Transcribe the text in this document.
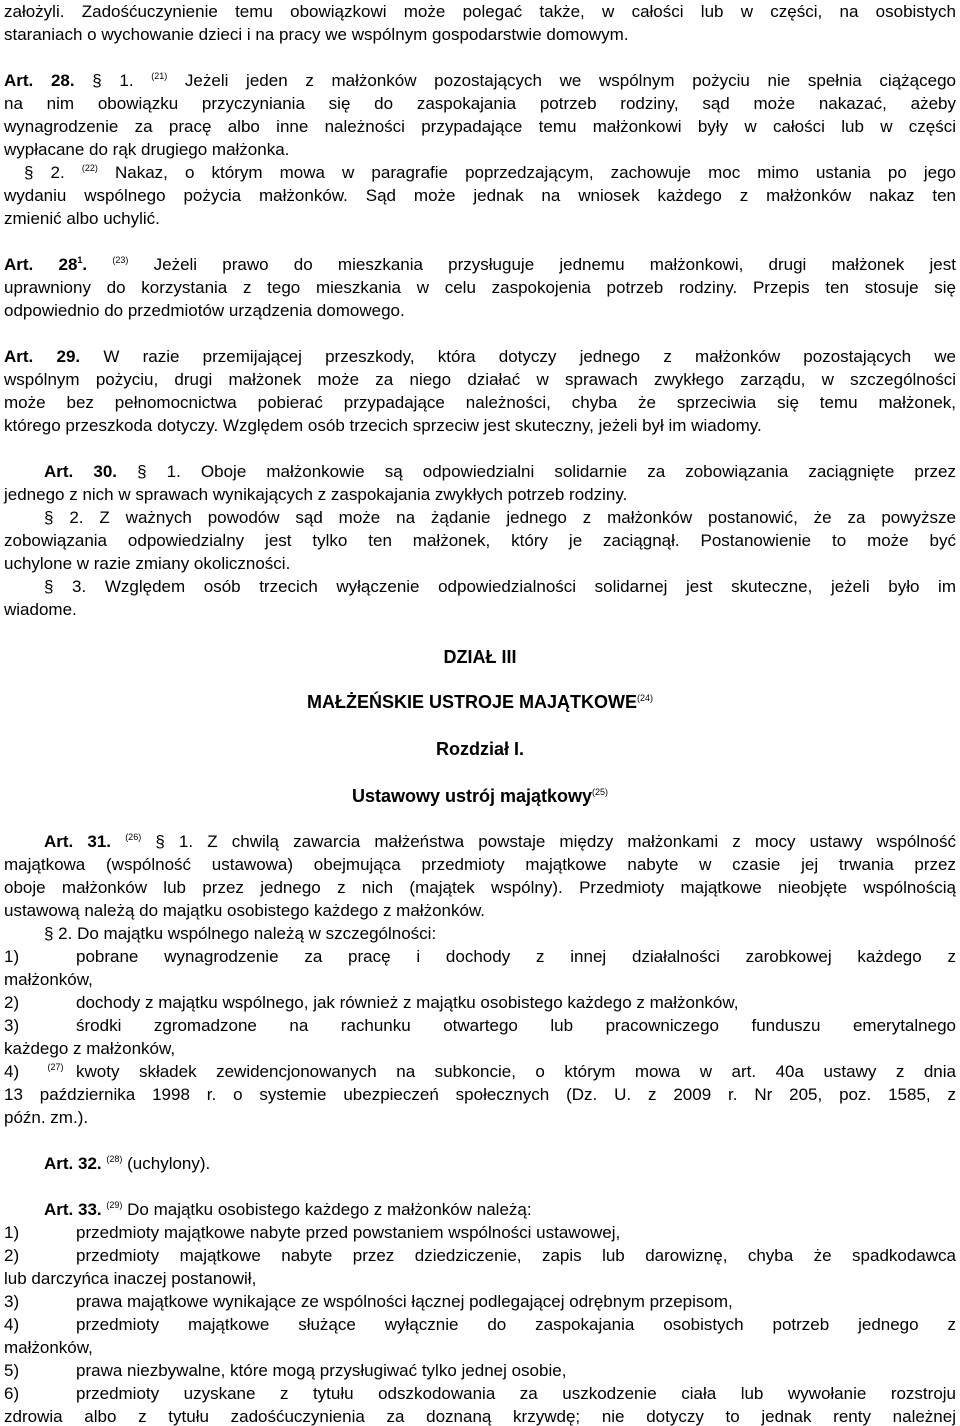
założyli. Zadośćuczynienie temu obowiązkowi może polegać także, w całości lub w części, na osobistych
staraniach o wychowanie dzieci i na pracy we wspólnym gospodarstwie domowym.
Art. 28. § 1. $^{(21)}$ Jeżeli jeden z małżonków pozostających we wspólnym pożyciu nie spełnia ciążącego
na nim obowiązku przyczyniania się do zaspokajania potrzeb rodziny, sąd może nakazać, ażeby
wynagrodzenie za pracę albo inne należności przypadające temu małżonkowi były w całości lub w części
wypłacane do rąk drugiego małżonka.
§ 2. $^{(22)}$ Nakaz, o którym mowa w paragrafie poprzedzającym, zachowuje moc mimo ustania po jego
wydaniu wspólnego pożycia małżonków. Sąd może jednak na wniosek każdego z małżonków nakaz ten
zmienić albo uchylić.
Art. $28^1$.	$^{(23)}$ Jeżeli prawo do mieszkania przysługuje jednemu małżonkowi, drugi małżonek jest
uprawniony do korzystania z tego mieszkania w celu zaspokojenia potrzeb rodziny. Przepis ten stosuje się
odpowiednio do przedmiotów urządzenia domowego.
Art. 29. W razie przemijającej przeszkody, która dotyczy jednego z małżonków pozostających we
wspólnym pożyciu, drugi małżonek może za niego działać w sprawach zwykłego zarządu, w szczególności
może bez pełnomocnictwa pobierać przypadające należności, chyba że sprzeciwia się temu małżonek,
którego przeszkoda dotyczy. Względem osób trzecich sprzeciw jest skuteczny, jeżeli był im wiadomy.
Art. 30. § 1. Oboje małżonkowie są odpowiedzialni solidarnie za zobowiązania zaciągnięte przez
jednego z nich w sprawach wynikających z zaspokajania zwykłych potrzeb rodziny.
§ 2. Z ważnych powodów sąd może na żądanie jednego z małżonków postanowić, że za powyższe
zobowiązania odpowiedzialny jest tylko ten małżonek, który je zaciągnął. Postanowienie to może być
uchylone w razie zmiany okoliczności.
§ 3. Względem osób trzecich wyłączenie odpowiedzialności solidarnej jest skuteczne, jeżeli było im
wiadome.
DZIAŁ III
MAŁŻEŃSKIE USTROJE MAJĄTKOWE$^{(24)}$
Rozdział I.
Ustawowy ustrój majątkowy$^{(25)}$
Art. 31. $^{(26)}$ § 1. Z chwilą zawarcia małżeństwa powstaje między małżonkami z mocy ustawy wspólność
majątkowa (wspólność ustawowa) obejmująca przedmioty majątkowe nabyte w czasie jej trwania przez
oboje małżonków lub przez jednego z nich (majątek wspólny). Przedmioty majątkowe nieobjęte wspólnością
ustawową należą do majątku osobistego każdego z małżonków.
§ 2. Do majątku wspólnego należą w szczególności:
1)	pobrane wynagrodzenie za pracę i dochody z innej działalności zarobkowej każdego z
małżonków,
2)	dochody z majątku wspólnego, jak również z majątku osobistego każdego z małżonków,
3)	środki zgromadzone na rachunku otwartego lub pracowniczego funduszu emerytalnego
każdego z małżonków,
4)	$^{(27)}$ kwoty składek zewidencjonowanych na subkoncie, o którym mowa w art. 40a ustawy z dnia
13 października 1998 r. o systemie ubezpieczeń społecznych (Dz. U. z 2009 r. Nr 205, poz. 1585, z
późn. zm.).
Art. 32. $^{(28)}$ (uchylony).
Art. 33. $^{(29)}$ Do majątku osobistego każdego z małżonków należą:
1)	przedmioty majątkowe nabyte przed powstaniem wspólności ustawowej,
2)	przedmioty majątkowe nabyte przez dziedziczenie, zapis lub darowiznę, chyba że spadkodawca
lub darczyńca inaczej postanowił,
3)	prawa majątkowe wynikające ze wspólności łącznej podlegającej odrębnym przepisom,
4)	przedmioty majątkowe służące wyłącznie do zaspokajania osobistych potrzeb jednego z
małżonków,
5)	prawa niezbywalne, które mogą przysługiwać tylko jednej osobie,
6)	przedmioty uzyskane z tytułu odszkodowania za uszkodzenie ciała lub wywołanie rozstroju
zdrowia albo z tytułu zadośćuczynienia za doznaną krzywdę; nie dotyczy to jednak renty należnej
